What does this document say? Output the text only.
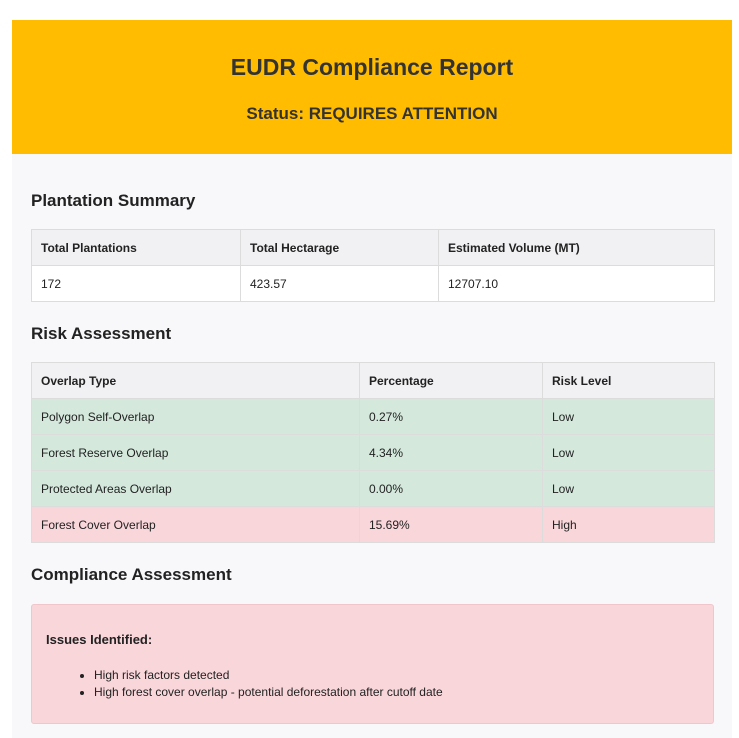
EUDR Compliance Report
Status: REQUIRES ATTENTION
Plantation Summary
Total Plantations	Total Hectarage	Estimated Volume (MT)
172	423.57	12707.10
Risk Assessment
Overlap Type	Percentage	Risk Level
Polygon Self-Overlap	0.27%	Low
Forest Reserve Overlap	4.34%	Low
Protected Areas Overlap	0.00%	Low
Forest Cover Overlap	15.69%	High
Compliance Assessment

Issues Identified:

• High risk factors detected
• High forest cover overlap - potential deforestation after cutoff date
